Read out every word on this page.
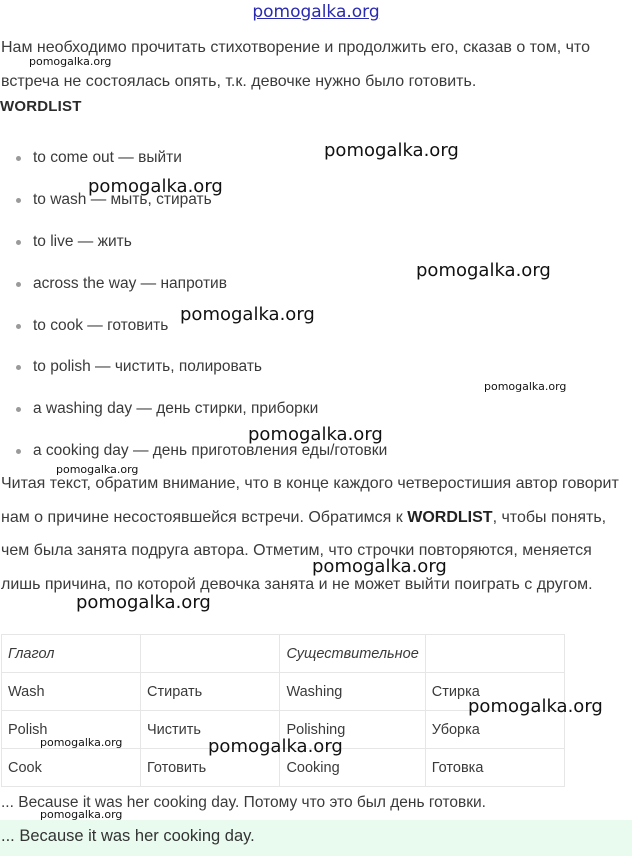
pomogalka.org
Нам необходимо прочитать стихотворение и продолжить его, сказав о том, что встреча не состоялась опять, т.к. девочке нужно было готовить.
WORDLIST
to come out — выйти
to wash — мыть, стирать
to live — жить
across the way — напротив
to cook — готовить
to polish — чистить, полировать
a washing day — день стирки, приборки
a cooking day — день приготовления еды/готовки
Читая текст, обратим внимание, что в конце каждого четверостишия автор говорит нам о причине несостоявшейся встречи. Обратимся к WORDLIST, чтобы понять, чем была занята подруга автора. Отметим, что строчки повторяются, меняется лишь причина, по которой девочка занята и не может выйти поиграть с другом.
Глагол		Существительное	
Wash	Стирать	Washing	Стирка
Polish	Чистить	Polishing	Уборка
Cook	Готовить	Cooking	Готовка
... Because it was her cooking day. Потому что это был день готовки.
... Because it was her cooking day.
pomogalka.org
pomogalka.org
pomogalka.org
pomogalka.org
pomogalka.org
pomogalka.org
pomogalka.org
pomogalka.org
pomogalka.org
pomogalka.org
pomogalka.org
pomogalka.org	pomogalka.org
pomogalka.org
